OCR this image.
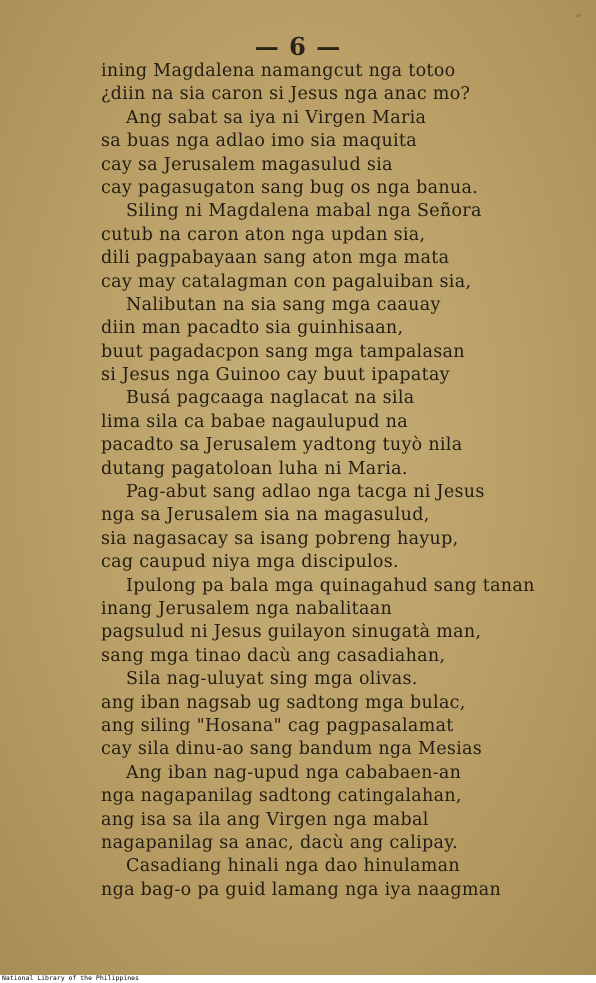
⸗·
— 6 —
ining Magdalena namangcut nga totoo
¿diin na sia caron si Jesus nga anac mo?
Ang sabat sa iya ni Virgen Maria
sa buas nga adlao imo sia maquita
cay sa Jerusalem magasulud sia
cay pagasugaton sang bug os nga banua.
Siling ni Magdalena mabal nga Señora
cutub na caron aton nga updan sia,
dili pagpabayaan sang aton mga mata
cay may catalagman con pagaluiban sia,
Nalibutan na sia sang mga caauay
diin man pacadto sia guinhisaan,
buut pagadacpon sang mga tampalasan
si Jesus nga Guinoo cay buut ipapatay
Busá pagcaaga naglacat na sila
lima sila ca babae nagaulupud na
pacadto sa Jerusalem yadtong tuyò nila
dutang pagatoloan luha ni Maria.
Pag-abut sang adlao nga tacga ni Jesus
nga sa Jerusalem sia na magasulud,
sia nagasacay sa isang pobreng hayup,
cag caupud niya mga discipulos.
Ipulong pa bala mga quinagahud sang tanan
inang Jerusalem nga nabalitaan
pagsulud ni Jesus guilayon sinugatà man,
sang mga tinao dacù ang casadiahan,
Sila nag-uluyat sing mga olivas.
ang iban nagsab ug sadtong mga bulac,
ang siling "Hosana" cag pagpasalamat
cay sila dinu-ao sang bandum nga Mesias
Ang iban nag-upud nga cababaen-an
nga nagapanilag sadtong catingalahan,
ang isa sa ila ang Virgen nga mabal
nagapanilag sa anac, dacù ang calipay.
Casadiang hinali nga dao hinulaman
nga bag-o pa guid lamang nga iya naagman
National Library of the Philippines
